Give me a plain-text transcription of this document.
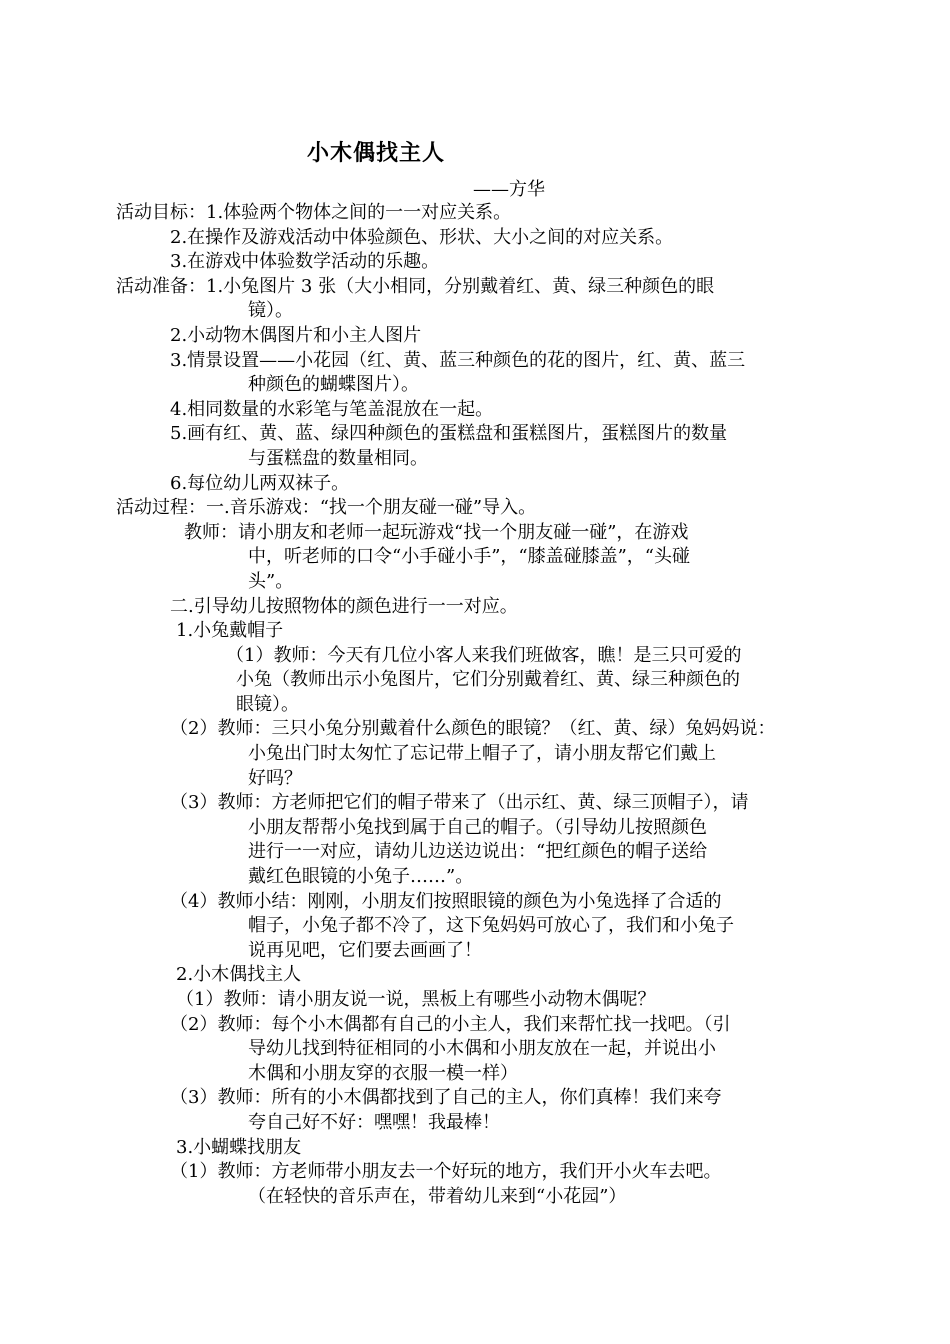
小木偶找主人
——方华
活动目标：1.体验两个物体之间的一一对应关系。
2.在操作及游戏活动中体验颜色、形状、大小之间的对应关系。
3.在游戏中体验数学活动的乐趣。
活动准备：1.小兔图片 3 张（大小相同，分别戴着红、黄、绿三种颜色的眼
镜）。
2.小动物木偶图片和小主人图片
3.情景设置——小花园（红、黄、蓝三种颜色的花的图片，红、黄、蓝三
种颜色的蝴蝶图片）。
4.相同数量的水彩笔与笔盖混放在一起。
5.画有红、黄、蓝、绿四种颜色的蛋糕盘和蛋糕图片，蛋糕图片的数量
与蛋糕盘的数量相同。
6.每位幼儿两双袜子。
活动过程：一.音乐游戏：“找一个朋友碰一碰”导入。
教师：请小朋友和老师一起玩游戏“找一个朋友碰一碰”，在游戏
中，听老师的口令“小手碰小手”，“膝盖碰膝盖”，“头碰
头”。
二.引导幼儿按照物体的颜色进行一一对应。
1.小兔戴帽子
（1）教师：今天有几位小客人来我们班做客，瞧！是三只可爱的
小兔（教师出示小兔图片，它们分别戴着红、黄、绿三种颜色的
眼镜）。
（2）教师：三只小兔分别戴着什么颜色的眼镜？（红、黄、绿）兔妈妈说：
小兔出门时太匆忙了忘记带上帽子了，请小朋友帮它们戴上
好吗？
（3）教师：方老师把它们的帽子带来了（出示红、黄、绿三顶帽子），请
小朋友帮帮小兔找到属于自己的帽子。（引导幼儿按照颜色
进行一一对应，请幼儿边送边说出：“把红颜色的帽子送给
戴红色眼镜的小兔子……”。
（4）教师小结：刚刚，小朋友们按照眼镜的颜色为小兔选择了合适的
帽子，小兔子都不冷了，这下兔妈妈可放心了，我们和小兔子
说再见吧，它们要去画画了！
2.小木偶找主人
（1）教师：请小朋友说一说，黑板上有哪些小动物木偶呢？
（2）教师：每个小木偶都有自己的小主人，我们来帮忙找一找吧。（引
导幼儿找到特征相同的小木偶和小朋友放在一起，并说出小
木偶和小朋友穿的衣服一模一样）
（3）教师：所有的小木偶都找到了自己的主人，你们真棒！我们来夸
夸自己好不好：嘿嘿！我最棒！
3.小蝴蝶找朋友
（1）教师：方老师带小朋友去一个好玩的地方，我们开小火车去吧。
（在轻快的音乐声在，带着幼儿来到“小花园”）
